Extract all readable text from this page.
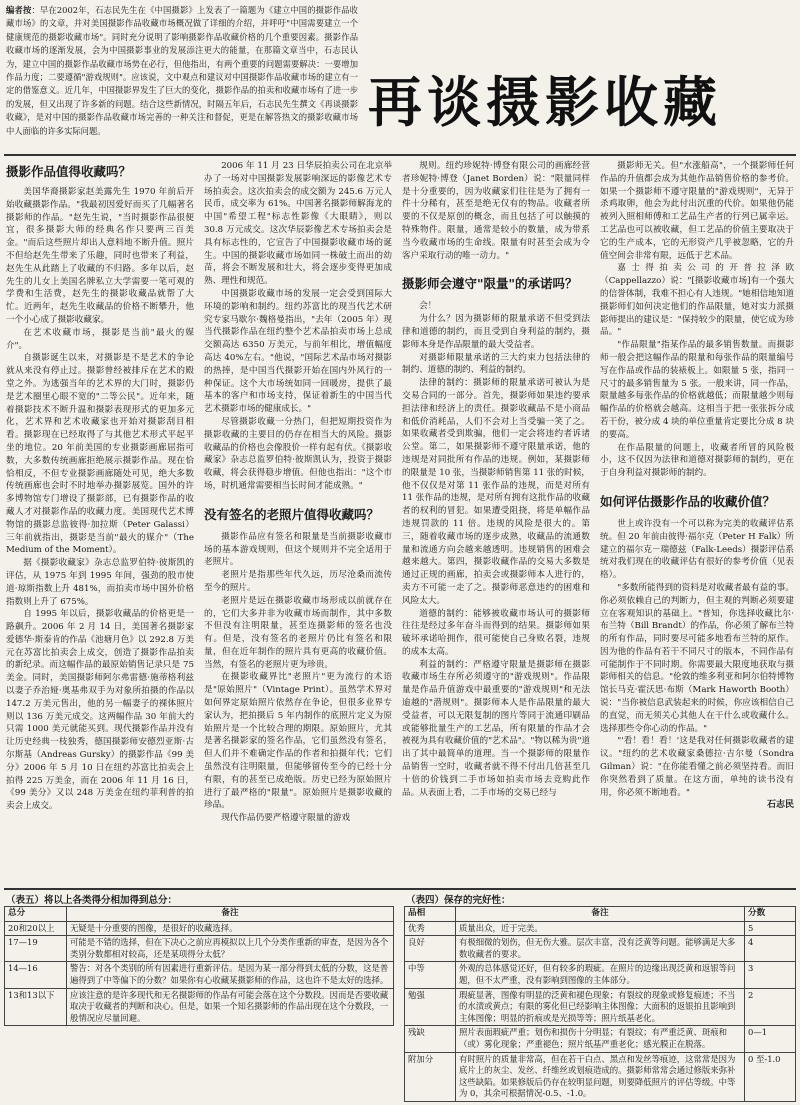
编者按：早在2002年，石志民先生在《中国摄影》上发表了一篇题为《建立中国的摄影作品收藏市场》的文章，并对美国摄影作品收藏市场概况做了详细的介绍，并呼吁"中国需要建立一个健康规范的摄影收藏市场"。同时充分说明了影响摄影作品收藏价格的几个重要因素。摄影作品收藏市场的逐渐发展，会为中国摄影事业的发展添注更大的能量，在那篇文章当中，石志民认为，建立中国的摄影作品收藏市场势在必行，但他指出，有两个重要的问题需要解决：一要增加作品力度；二要遵循"游戏规则"。应该说，文中观点和建议对中国摄影作品收藏市场的建立有一定的借鉴意义。近几年，中国摄影界发生了巨大的变化，摄影作品的拍卖和收藏市场有了进一步的发展，但又出现了许多新的问题。结合这些新情况，时隔五年后，石志民先生撰文《再谈摄影收藏》，是对中国的摄影作品收藏市场完善的一种关注和督促，更是在解答热文的摄影收藏市场中人面临的许多实际问题。	再谈摄影收藏
摄影作品值得收藏吗？

美国华裔摄影家赵美露先生 1970 年前后开始收藏摄影作品。"我最初因爱好而买了几幅著名摄影师的作品。"赵先生说，"当时摄影作品很便宜，很多摄影大师的经典名作只要两三百美金。"而后这些照片却出人意料地不断升值。照片不但给赵先生带来了乐趣，同时也带来了利益，赵先生从此踏上了收藏的不归路。多年以后，赵先生的儿女上美国名牌私立大学需要一笔可观的学费和生活费，赵先生的摄影收藏品就帮了大忙。近两年，赵先生收藏品的价格不断攀升，他一个小心成了摄影收藏家。

在艺术收藏市场，摄影是当前"最火的媒介"。

自摄影诞生以来，对摄影是不是艺术的争论就从来没有停止过。摄影曾经被排斥在艺术的殿堂之外。为逃强当年的艺术界的大门时，摄影仍是艺术圈里心眼不宽的"二等公民"。近年来，随着摄影技术不断升温和摄影表现形式的更加多元化，艺术界和艺术收藏家也开始对摄影刮目相看。摄影现在已经取得了与其他艺术形式平起平坐的地位。20 年前美国的专业摄影画廊屈指可数，大多数传统画廊拒绝展示摄影作品。现在恰恰相反，不但专业摄影画廊随处可见，绝大多数传统画廊也会时不时地举办摄影展览。国外的许多博物馆专门增设了摄影部，已有摄影作品的收藏人才对摄影作品的收藏力度。美国现代艺术博物馆的摄影总监彼得·加拉斯（Peter Galassi）三年前就指出，摄影是当前"最火的媒介"（The Medium of the Moment）。

据《摄影收藏家》杂志总监罗伯特·彼斯凯的评估，从 1975 年到 1995 年间，强劲的股市使道·琼斯指数上升 481%，而拍卖市场中国外价格指数则上升了 675%。

自 1995 年以后，摄影收藏品的价格更是一路飙升。2006 年 2 月 14 日，美国著名摄影家爱德华·斯泰肯的作品《池塘月色》以 292.8 万美元在苏富比拍卖会上成交，创造了摄影作品拍卖的新纪录。而这幅作品的最原始销售记录只是 75 美金。同时，美国摄影师阿尔弗雷德·施蒂格利兹以妻子乔治娅·奥基弗双手为对象所拍摄的作品以 147.2 万美元售出，他的另一幅妻子的裸体照片则以 136 万美元成交。这两幅作品 30 年前大约只需 1000 美元就能买到。现代摄影作品并没有让历史经典一枝独秀，德国摄影师安德烈亚斯·古尔斯基（Andreas Gursky）的摄影作品《99 美分》2006 年 5 月 10 日在纽约苏富比拍卖会上拍得 225 万美金，而在 2006 年 11 月 16 日，《99 美分》又以 248 万美金在纽约菲利普的拍卖会上成交。

2006 年 11 月 23 日华辰拍卖公司在北京举办了一场对中国摄影发展影响深远的影像艺术专场拍卖会。这次拍卖会的成交额为 245.6 万元人民币，成交率为 61%。中国著名摄影师解海龙的中国"希望工程"标志性影像《大眼睛》，则以 30.8 万元成交。这次华辰影像艺术专场拍卖会是具有标志性的，它宣告了中国摄影收藏市场的诞生。中国的摄影收藏市场如同一株破土而出的幼苗，将会不断发展和壮大，将会逐步变得更加成熟、理性和规范。

中国摄影收藏市场的发展一定会受到国际大环境的影响和制约。纽约苏富比的现当代艺术研究专家马歇尔·魏格曼指出，"去年（2005 年）现当代摄影作品在纽约整个艺术品拍卖市场上总成交额高达 6350 万美元，与前年相比，增值幅度高达 40%左右。"他说，"国际艺术品市场对摄影的热捧，是中国当代摄影开始在国内外风行的一种保证。这个大市场统如同一回暖房，提供了最基本的客户和市场支持，保证着新生的中国当代艺术摄影市场的健康成长。"

尽管摄影收藏一分热门，但把短期投资作为摄影收藏的主要目的仍存在相当大的风险。摄影收藏品的价格也会像股价一样有起有伏。《摄影收藏家》杂志总监罗伯特·彼斯凯认为，投资于摄影收藏，将会获得稳步增值。但他也指出："这个市场，时机通常需要相当长时间才能成熟。"

没有签名的老照片值得收藏吗？

摄影作品应有签名和限量是当前摄影收藏市场的基本游戏规则，但这个规则并不完全适用于老照片。

老照片是指那些年代久远，历尽沧桑而流传至今的照片。

老照片是远在摄影收藏市场形成以前就存在的，它们大多并非为收藏市场而制作，其中多数不但没有注明限量，甚至连摄影师的签名也没有。但是，没有签名的老照片仍比有签名和限量，但在近年制作的照片具有更高的收藏价值。当然，有签名的老照片更为珍贵。

在摄影收藏界比"老照片"更为流行的术语是"原始照片"（Vintage Print）。虽然学术界对如何界定原始照片依然存在争论，但很多业界专家认为，把拍摄后 5 年内制作的底照片定义为原始照片是一个比较合理的期限。原始照片，尤其是著名摄影家的签名作品，它们虽然没有签名，但人们并不难确定作品的作者和拍摄年代；它们虽然没有注明限量，但能够留传至今的已经十分有限，有的甚至已成绝版。历史已经为原始照片进行了最严格的"限量"。原始照片是摄影收藏的珍品。

现代作品仍要严格遵守限量的游戏

规则。纽约珍妮特·博登有限公司的画廊经营者珍妮特·博登（Janet Borden）说："限量同样是十分重要的，因为收藏家们往往是为了拥有一件十分稀有，甚至是绝无仅有的物品。收藏者所要的不仅是原创的概念，而且包括了可以触摸的特殊物件。限量，通常是较小的数量，成为带系当今收藏市场的生命线。限量有时甚至会成为令客户采取行动的唯一动力。"

摄影师会遵守"限量"的承诺吗？

会！

为什么？因为摄影师的限量承诺不但受到法律和道德的制约，而且受到自身利益的制约，摄影师本身是作品限量的最大受益者。

对摄影师限量承诺的三大约束力包括法律的制约、道德的制约、利益的制约。

法律的制约：摄影师的限量承诺可被认为是交易合同的一部分。首先，摄影师如果违约要承担法律和经济上的责任。摄影收藏品不是小商品和低价消耗品，人们不会对上当受骗一笑了之。如果收藏者受到欺骗，他们一定会将违约者诉诸公堂。第二，如果摄影师不遵守限量承诺，他的违规是对同批所有作品的违规。例如，某摄影师的限量是 10 张，当摄影师销售第 11 张的时候，他不仅仅是对第 11 张作品的违规，而是对所有 11 张作品的违规，是对所有拥有这批作品的收藏者的权利的冒犯。如果遭受阻挠，将是单幅作品违规罚款的 11 倍。违规的风险是很大的。第三，随着收藏市场的逐步成熟，收藏品的流通数量和流通方向会越来越透明。违规销售的困难会越来越大。第四，摄影收藏作品的交易大多数是通过正规的画廊，拍卖会或摄影师本人进行的，卖方不可能一走了之。摄影师恶意违约的困难和风险太大。

道德的制约：能够被收藏市场认可的摄影师往往是经过多年奋斗而得到的结果。摄影师如果破坏承诺哈拥作，很可能使自己身败名裂，违规的成本太高。

利益的制约：严格遵守限量是摄影师在摄影收藏市场生存所必须遵守的"游戏规则"。作品限量是作品升值游戏中最重要的"游戏规则"和无法逾越的"潜规则"。摄影师本人是作品限量的最大受益者，可以无限复制的图片等同于流通印刷品或能够批量生产的工艺品，所有限量的作品才会被视为具有收藏价值的"艺术品"。"物以稀为贵"道出了其中最简单的道理。当一个摄影师的限量作品销售一空时，收藏者就不得不付出几倍甚至几十倍的价钱到二手市场如拍卖市场去竞购此作品。从表面上看，二手市场的交易已经与

摄影师无关。但"水涨船高"，一个摄影师任何作品的升值都会成为其他作品销售价格的参考价。如果一个摄影师不遵守限量的"游戏规则"，无异于杀鸡取卵，他会为此付出沉重的代价。如果他仍能被列入照相师傅和工艺品生产者的行列已属幸运。工艺品也可以被收藏，但工艺品的价值主要取决于它的生产成本，它的无形资产几乎被忽略，它的升值空间会非常有限，远低于艺术品。

嘉士得拍卖公司的开普拉泽欧（Cappellazzo）说："[摄影收藏市场]有一个强大的信誉体制，我难不担心有人违规。"她相信地知道摄影师们如何决定他们的作品限量，她对实力派摄影师提出的建议是："保持较少的限量，使它成为珍品。"

"作品限量"指某作品的最多销售数量。而摄影师一般会把这幅作品的限量和每张作品的限量编号写在作品或作品的装裱板上。如限量 5 张，指同一尺寸的最多销售量为 5 张。一般来讲，同一作品，限量越多每张作品的价格就越低；而限量越少则每幅作品的价格就会越高。这相当于把一张张拆分成若干份，被分成 4 块的单位重量肯定要比分成 8 块的要高。

在作品限量的问题上，收藏者所冒的风险极小，这不仅因为法律和道德对摄影师的制约，更在于自身利益对摄影师的制约。

如何评估摄影作品的收藏价值？

世上或许没有一个可以称为完美的收藏评估系统。但 20 年前由彼得·福尔克（Peter H Falk）所建立的福尔克－瑞德兹（Falk-Leeds）摄影评估系统对我们现在的收藏评估有很好的参考价值（见表格）。

"多数所能得到的资料是对收藏者最有益的事。你必须依赖自己的判断力，但主观的判断必须要建立在客观知识的基础上。"普知，你选择收藏比尔·布兰特（Bill Brandt）的作品，你必须了解布兰特的所有作品，同时要尽可能多地看布兰特的原作。因为他的作品有若干不同尺寸的版本，不同作品有可能制作于不同时期。你需要最大限度地获取与摄影师相关的信息。"伦敦的维多利亚和阿尔伯特博物馆长马克·霍沃思·布斯（Mark Haworth Booth）说："当你被信息武装起来的时候，你应该相信自己的直觉，而无须关心其他人在干什么或收藏什么。选择那些令你心动的作品。"

"'看！看！看！'这是我对任何摄影收藏者的建议。"纽约的艺术收藏家桑德拉·吉尔曼（Sondra Gilman）说："在你能看懂之前必须坚持看。而旧你突然看到了质量。在这方面，单纯的读书没有用，你必须不断地看。"

石志民
（表五）将以上各类得分相加得到总分：
总分	备注
20和20以上	无疑是十分重要的图像，是很好的收藏选择。
17—19	可能是不错的选择，但在下决心之前应再模拟以上几个分类作重新的审查，是因为各个类别分数都相对较高，还是某项得分太低？
14—16	警告：对各个类别的所有因素进行重新评估。是因为某一部分得到太低的分数，这是普遍得到了中等偏下的分数？如果你有心收藏某摄影师的作品，这也许不是太好的选择。
13和13以下	应该注意的是许多现代和无名摄影师的作品有可能会落在这个分数段。因而是否要收藏取决于收藏者的判断和决心。但是，如果一个知名摄影师的作品出现在这个分数段，一般情况应尽量回避。
（表四）保存的完好性：
品相	备注	分数
优秀	质量出众，近于完美。	5
良好	有极细微的划伤，但无伤大雅。层次丰富，没有泛黄等问题。能够满足大多数收藏者的要求。	4
中等	外观的总体感觉还好，但有较多的瑕疵。在照片的边缘出现泛黄和返银等问题，但不太严重，没有影响到图像的主体部分。	3
勉强	瑕疵显著，图像有明显的泛黄和褪色现象；有裂纹的现象或修复痕迹；不当的水渍或黄点；有限的雾化但已经影响主体图像；大面积的返银拍且影响到主体图像；明显的折痕或是光损等等；照片纸基老化。	2
残缺	照片表面瑕疵严重；划伤和损伤十分明显；有裂纹；有严重泛黄、斑痕和（或）雾化现象；严重褪色；照片纸基严重老化；感光膜正在脱落。	0—1
附加分	有时照片的质量非常高，但在若干白点、黑点和发丝等痕迹，这常常是因为底片上的灰尘、发丝、纤维丝或划痕造成的。摄影师常常会通过修版来弥补这些缺陷。如果修版后仍存在较明显问题，则要降低照片的评估等级。中等为 0，其余可根据情况-0.5、-1.0。	0 至-1.0
